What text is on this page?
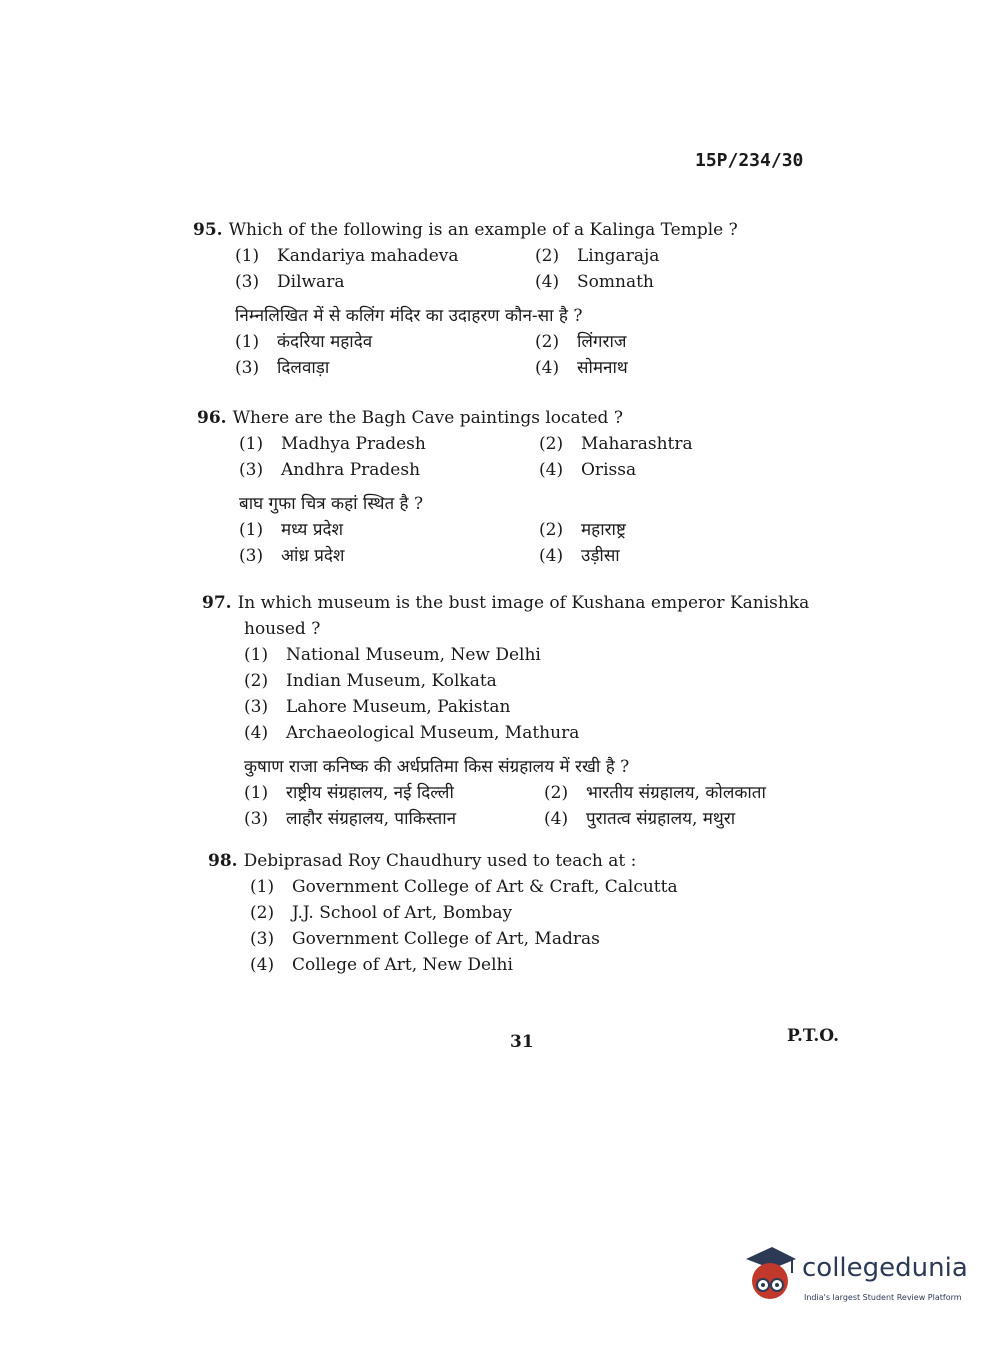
15P/234/30
95. Which of the following is an example of a Kalinga Temple ?
(1) Kandariya mahadeva	(2) Lingaraja
(3) Dilwara	(4) Somnath
निम्नलिखित में से कलिंग मंदिर का उदाहरण कौन-सा है ?
(1) कंदरिया महादेव	(2) लिंगराज
(3) दिलवाड़ा	(4) सोमनाथ
96. Where are the Bagh Cave paintings located ?
(1) Madhya Pradesh	(2) Maharashtra
(3) Andhra Pradesh	(4) Orissa
बाघ गुफा चित्र कहां स्थित है ?
(1) मध्य प्रदेश	(2) महाराष्ट्र
(3) आंध्र प्रदेश	(4) उड़ीसा
97. In which museum is the bust image of Kushana emperor Kanishka
housed ?
(1) National Museum, New Delhi
(2) Indian Museum, Kolkata
(3) Lahore Museum, Pakistan
(4) Archaeological Museum, Mathura
कुषाण राजा कनिष्क की अर्धप्रतिमा किस संग्रहालय में रखी है ?
(1) राष्ट्रीय संग्रहालय, नई दिल्ली	(2) भारतीय संग्रहालय, कोलकाता
(3) लाहौर संग्रहालय, पाकिस्तान	(4) पुरातत्व संग्रहालय, मथुरा
98. Debiprasad Roy Chaudhury used to teach at :
(1) Government College of Art & Craft, Calcutta
(2) J.J. School of Art, Bombay
(3) Government College of Art, Madras
(4) College of Art, New Delhi
31	P.T.O.
collegedunia
India's largest Student Review Platform
